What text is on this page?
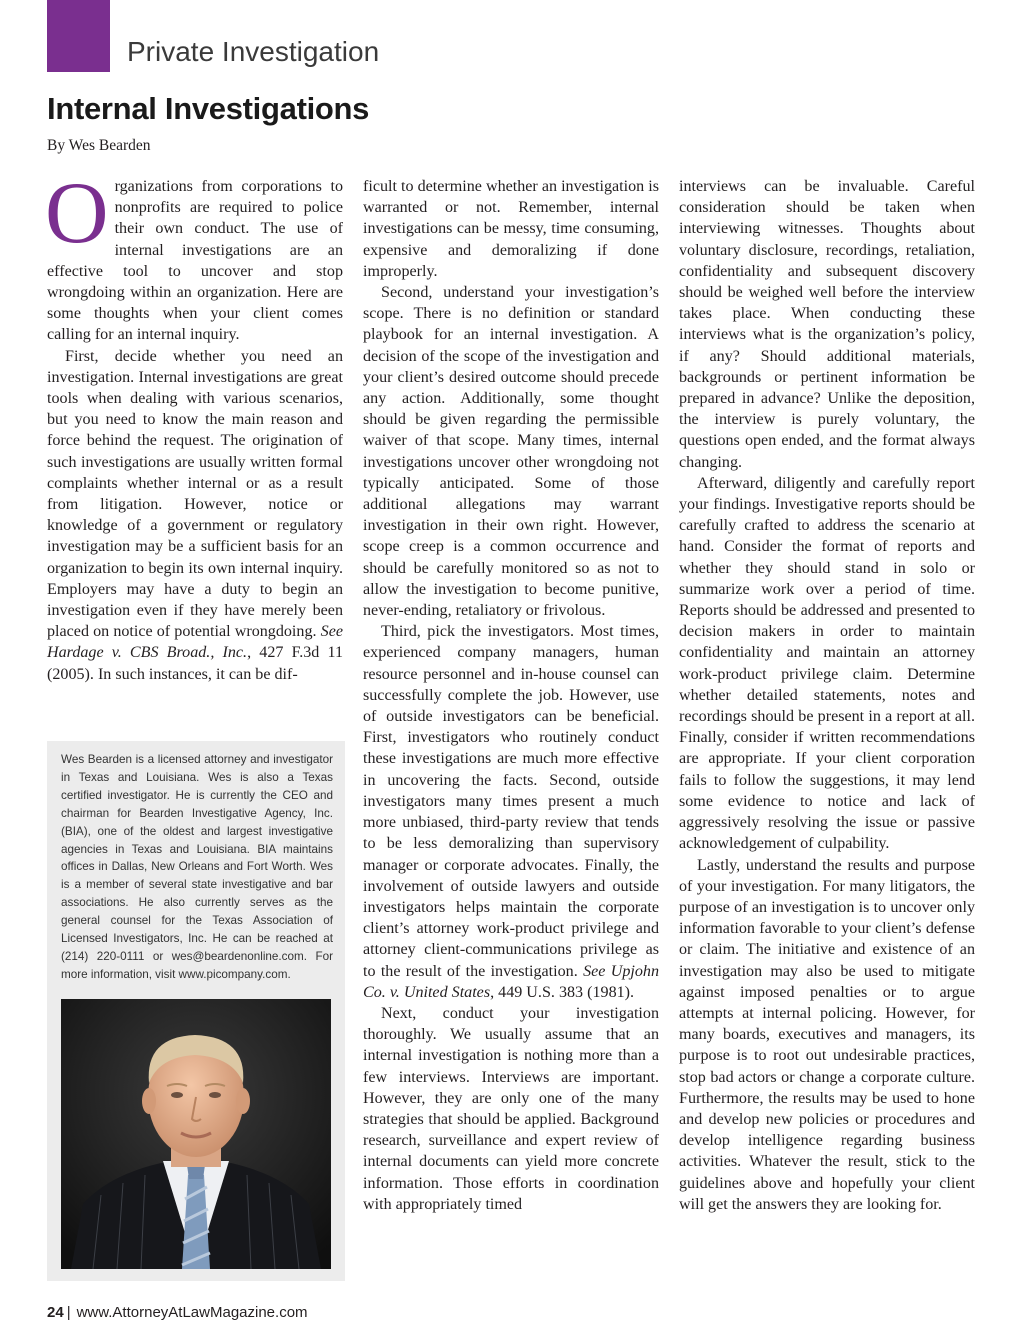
Private Investigation
Internal Investigations

By Wes Bearden

Organizations from corporations to nonprofits are required to police their own conduct. The use of internal investigations are an effective tool to uncover and stop wrongdoing within an organization. Here are some thoughts when your client comes calling for an internal inquiry.

First, decide whether you need an investigation. Internal investigations are great tools when dealing with various scenarios, but you need to know the main reason and force behind the request. The origination of such investigations are usually written formal complaints whether internal or as a result from litigation. However, notice or knowledge of a government or regulatory investigation may be a sufficient basis for an organization to begin its own internal inquiry. Employers may have a duty to begin an investigation even if they have merely been placed on notice of potential wrongdoing. See Hardage v. CBS Broad., Inc., 427 F.3d 11 (2005). In such instances, it can be dif-

Wes Bearden is a licensed attorney and investigator in Texas and Louisiana. Wes is also a Texas certified investigator. He is currently the CEO and chairman for Bearden Investigative Agency, Inc. (BIA), one of the oldest and largest investigative agencies in Texas and Louisiana. BIA maintains offices in Dallas, New Orleans and Fort Worth. Wes is a member of several state investigative and bar associations. He also currently serves as the general counsel for the Texas Association of Licensed Investigators, Inc. He can be reached at (214) 220-0111 or wes@beardenonline.com. For more information, visit www.picompany.com.

ficult to determine whether an investigation is warranted or not. Remember, internal investigations can be messy, time consuming, expensive and demoralizing if done improperly.

Second, understand your investigation’s scope. There is no definition or standard playbook for an internal investigation. A decision of the scope of the investigation and your client’s desired outcome should precede any action. Additionally, some thought should be given regarding the permissible waiver of that scope. Many times, internal investigations uncover other wrongdoing not typically anticipated. Some of those additional allegations may warrant investigation in their own right. However, scope creep is a common occurrence and should be carefully monitored so as not to allow the investigation to become punitive, never-ending, retaliatory or frivolous.

Third, pick the investigators. Most times, experienced company managers, human resource personnel and in-house counsel can successfully complete the job. However, use of outside investigators can be beneficial. First, investigators who routinely conduct these investigations are much more effective in uncovering the facts. Second, outside investigators many times present a much more unbiased, third-party review that tends to be less demoralizing than supervisory manager or corporate advocates. Finally, the involvement of outside lawyers and outside investigators helps maintain the corporate client’s attorney work-product privilege and attorney client-communications privilege as to the result of the investigation. See Upjohn Co. v. United States, 449 U.S. 383 (1981).

Next, conduct your investigation thoroughly. We usually assume that an internal investigation is nothing more than a few interviews. Interviews are important. However, they are only one of the many strategies that should be applied. Background research, surveillance and expert review of internal documents can yield more concrete information. Those efforts in coordination with appropriately timed

interviews can be invaluable. Careful consideration should be taken when interviewing witnesses. Thoughts about voluntary disclosure, recordings, retaliation, confidentiality and subsequent discovery should be weighed well before the interview takes place. When conducting these interviews what is the organization’s policy, if any? Should additional materials, backgrounds or pertinent information be prepared in advance? Unlike the deposition, the interview is purely voluntary, the questions open ended, and the format always changing.

Afterward, diligently and carefully report your findings. Investigative reports should be carefully crafted to address the scenario at hand. Consider the format of reports and whether they should stand in solo or summarize work over a period of time. Reports should be addressed and presented to decision makers in order to maintain confidentiality and maintain an attorney work-product privilege claim. Determine whether detailed statements, notes and recordings should be present in a report at all. Finally, consider if written recommendations are appropriate. If your client corporation fails to follow the suggestions, it may lend some evidence to notice and lack of aggressively resolving the issue or passive acknowledgement of culpability.

Lastly, understand the results and purpose of your investigation. For many litigators, the purpose of an investigation is to uncover only information favorable to your client’s defense or claim. The initiative and existence of an investigation may also be used to mitigate against imposed penalties or to argue attempts at internal policing. However, for many boards, executives and managers, its purpose is to root out undesirable practices, stop bad actors or change a corporate culture. Furthermore, the results may be used to hone and develop new policies or procedures and develop intelligence regarding business activities. Whatever the result, stick to the guidelines above and hopefully your client will get the answers they are looking for.

24 | www.AttorneyAtLawMagazine.com
